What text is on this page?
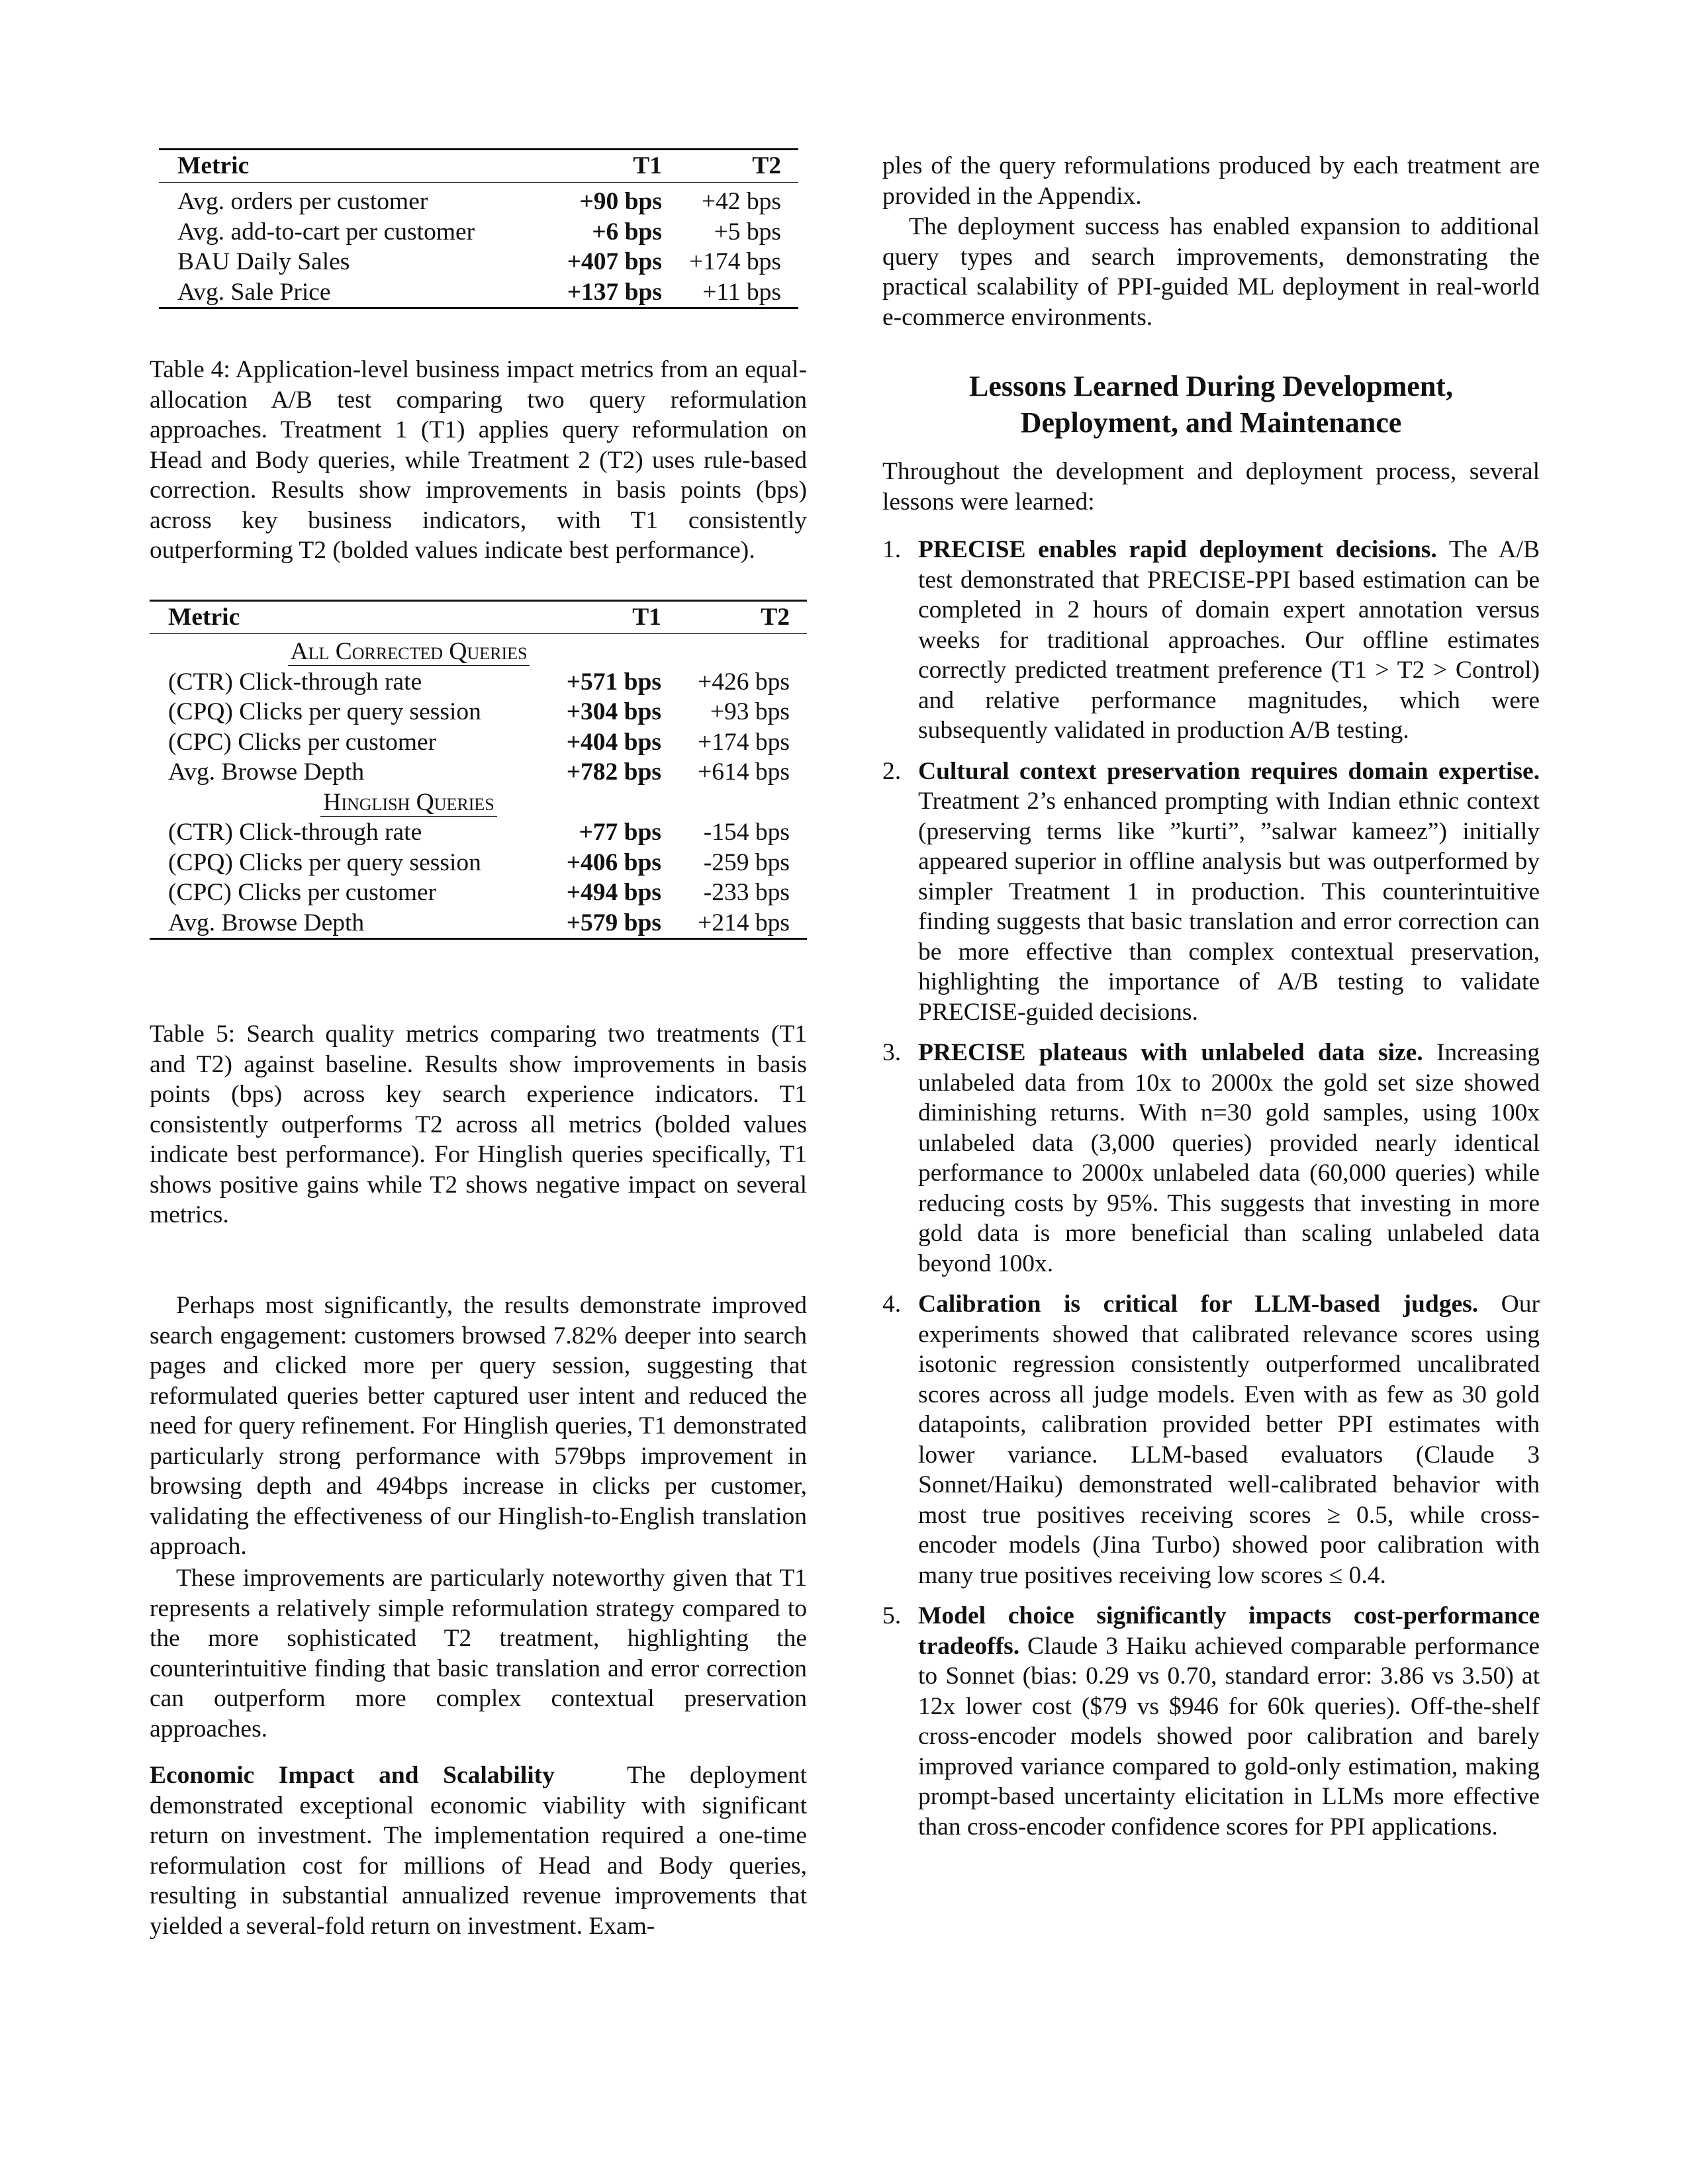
Metric	T1	T2
Avg. orders per customer	+90 bps	+42 bps
Avg. add-to-cart per customer	+6 bps	+5 bps
BAU Daily Sales	+407 bps	+174 bps
Avg. Sale Price	+137 bps	+11 bps

Table 4: Application-level business impact metrics from an equal-allocation A/B test comparing two query reformulation approaches. Treatment 1 (T1) applies query reformulation on Head and Body queries, while Treatment 2 (T2) uses rule-based correction. Results show improvements in basis points (bps) across key business indicators, with T1 consistently outperforming T2 (bolded values indicate best performance).

Metric	T1	T2
All Corrected Queries		
(CTR) Click-through rate	+571 bps	+426 bps
(CPQ) Clicks per query session	+304 bps	+93 bps
(CPC) Clicks per customer	+404 bps	+174 bps
Avg. Browse Depth	+782 bps	+614 bps
Hinglish Queries		
(CTR) Click-through rate	+77 bps	-154 bps
(CPQ) Clicks per query session	+406 bps	-259 bps
(CPC) Clicks per customer	+494 bps	-233 bps
Avg. Browse Depth	+579 bps	+214 bps

Table 5: Search quality metrics comparing two treatments (T1 and T2) against baseline. Results show improvements in basis points (bps) across key search experience indicators. T1 consistently outperforms T2 across all metrics (bolded values indicate best performance). For Hinglish queries specifically, T1 shows positive gains while T2 shows negative impact on several metrics.

Perhaps most significantly, the results demonstrate improved search engagement: customers browsed 7.82% deeper into search pages and clicked more per query session, suggesting that reformulated queries better captured user intent and reduced the need for query refinement. For Hinglish queries, T1 demonstrated particularly strong performance with 579bps improvement in browsing depth and 494bps increase in clicks per customer, validating the effectiveness of our Hinglish-to-English translation approach.

These improvements are particularly noteworthy given that T1 represents a relatively simple reformulation strategy compared to the more sophisticated T2 treatment, highlighting the counterintuitive finding that basic translation and error correction can outperform more complex contextual preservation approaches.

Economic Impact and Scalability	The deployment demonstrated exceptional economic viability with significant return on investment. The implementation required a one-time reformulation cost for millions of Head and Body queries, resulting in substantial annualized revenue improvements that yielded a several-fold return on investment. Exam-

ples of the query reformulations produced by each treatment are provided in the Appendix.

The deployment success has enabled expansion to additional query types and search improvements, demonstrating the practical scalability of PPI-guided ML deployment in real-world e-commerce environments.

Lessons Learned During Development,
Deployment, and Maintenance

Throughout the development and deployment process, several lessons were learned:

1. PRECISE enables rapid deployment decisions. The A/B test demonstrated that PRECISE-PPI based estimation can be completed in 2 hours of domain expert annotation versus weeks for traditional approaches. Our offline estimates correctly predicted treatment preference (T1 > T2 > Control) and relative performance magnitudes, which were subsequently validated in production A/B testing.
2. Cultural context preservation requires domain expertise. Treatment 2’s enhanced prompting with Indian ethnic context (preserving terms like ”kurti”, ”salwar kameez”) initially appeared superior in offline analysis but was outperformed by simpler Treatment 1 in production. This counterintuitive finding suggests that basic translation and error correction can be more effective than complex contextual preservation, highlighting the importance of A/B testing to validate PRECISE-guided decisions.
3. PRECISE plateaus with unlabeled data size. Increasing unlabeled data from 10x to 2000x the gold set size showed diminishing returns. With n=30 gold samples, using 100x unlabeled data (3,000 queries) provided nearly identical performance to 2000x unlabeled data (60,000 queries) while reducing costs by 95%. This suggests that investing in more gold data is more beneficial than scaling unlabeled data beyond 100x.
4. Calibration is critical for LLM-based judges. Our experiments showed that calibrated relevance scores using isotonic regression consistently outperformed uncalibrated scores across all judge models. Even with as few as 30 gold datapoints, calibration provided better PPI estimates with lower variance. LLM-based evaluators (Claude 3 Sonnet/Haiku) demonstrated well-calibrated behavior with most true positives receiving scores ≥ 0.5, while cross-encoder models (Jina Turbo) showed poor calibration with many true positives receiving low scores ≤ 0.4.
5. Model choice significantly impacts cost-performance tradeoffs. Claude 3 Haiku achieved comparable performance to Sonnet (bias: 0.29 vs 0.70, standard error: 3.86 vs 3.50) at 12x lower cost ($79 vs $946 for 60k queries). Off-the-shelf cross-encoder models showed poor calibration and barely improved variance compared to gold-only estimation, making prompt-based uncertainty elicitation in LLMs more effective than cross-encoder confidence scores for PPI applications.
